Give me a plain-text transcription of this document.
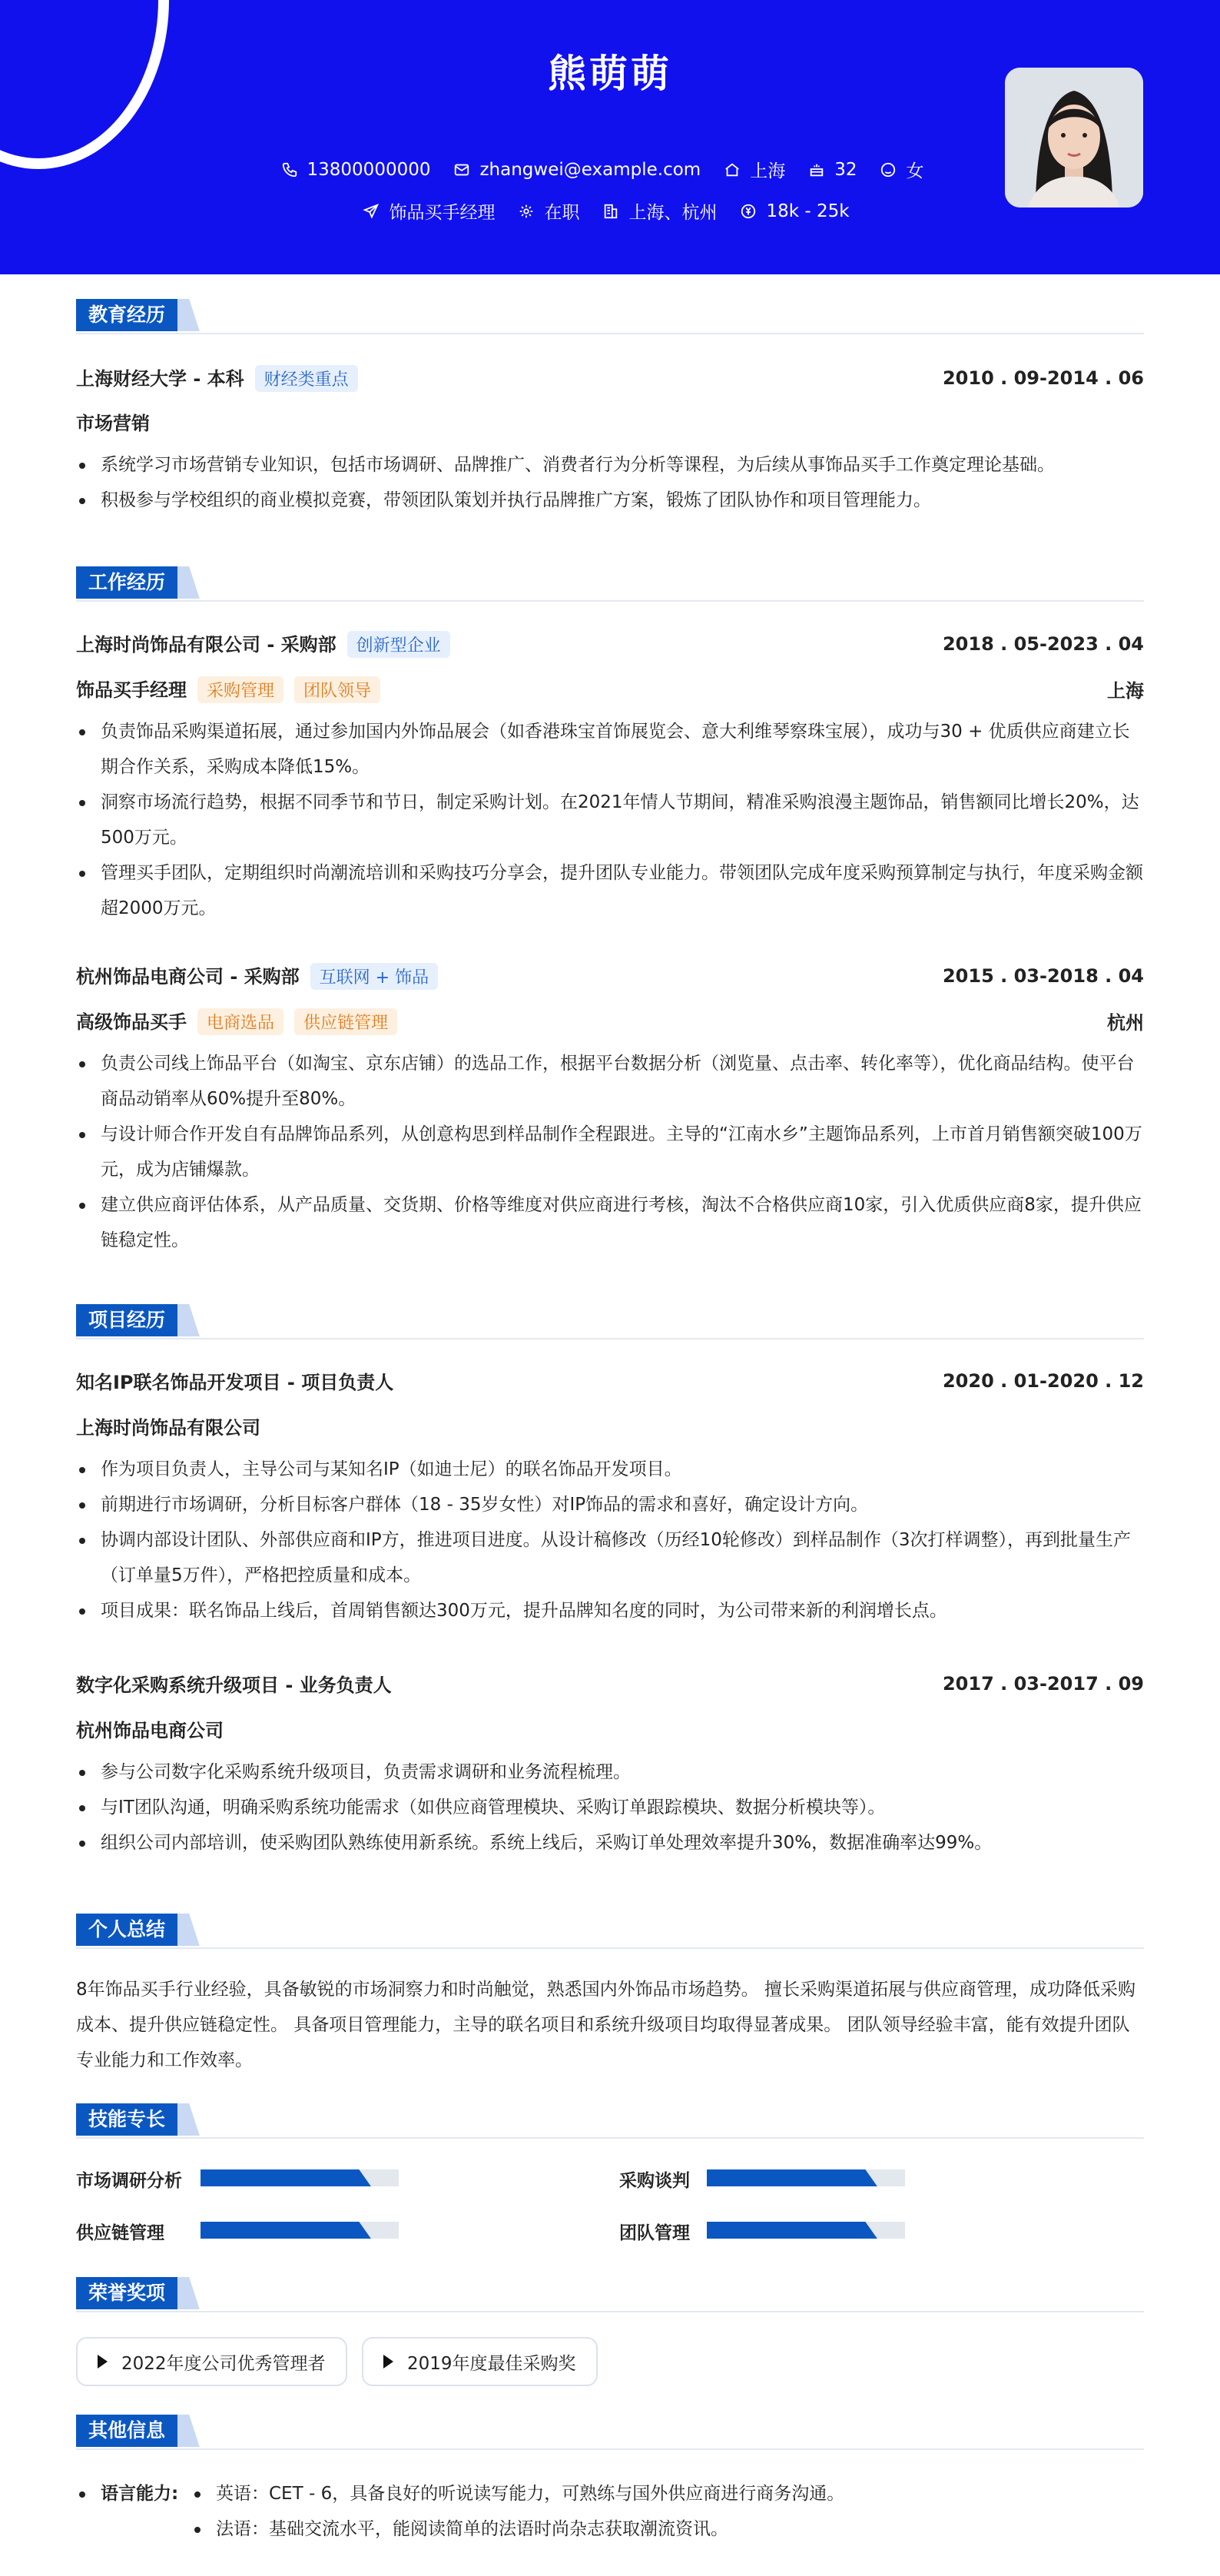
熊萌萌
13800000000	zhangwei@example.com	上海	32	女
饰品买手经理	在职	上海、杭州	18k - 25k
教育经历
上海财经大学 - 本科 财经类重点	2010 . 09-2014 . 06
市场营销
系统学习市场营销专业知识，包括市场调研、品牌推广、消费者行为分析等课程，为后续从事饰品买手工作奠定理论基础。
积极参与学校组织的商业模拟竞赛，带领团队策划并执行品牌推广方案，锻炼了团队协作和项目管理能力。
工作经历
上海时尚饰品有限公司 - 采购部 创新型企业	2018 . 05-2023 . 04
饰品买手经理 采购管理 团队领导	上海
负责饰品采购渠道拓展，通过参加国内外饰品展会（如香港珠宝首饰展览会、意大利维琴察珠宝展），成功与30 + 优质供应商建立长期合作关系，采购成本降低15%。
洞察市场流行趋势，根据不同季节和节日，制定采购计划。在2021年情人节期间，精准采购浪漫主题饰品，销售额同比增长20%，达500万元。
管理买手团队，定期组织时尚潮流培训和采购技巧分享会，提升团队专业能力。带领团队完成年度采购预算制定与执行，年度采购金额超2000万元。
杭州饰品电商公司 - 采购部 互联网 + 饰品	2015 . 03-2018 . 04
高级饰品买手 电商选品 供应链管理	杭州
负责公司线上饰品平台（如淘宝、京东店铺）的选品工作，根据平台数据分析（浏览量、点击率、转化率等），优化商品结构。使平台商品动销率从60%提升至80%。
与设计师合作开发自有品牌饰品系列，从创意构思到样品制作全程跟进。主导的“江南水乡”主题饰品系列，上市首月销售额突破100万元，成为店铺爆款。
建立供应商评估体系，从产品质量、交货期、价格等维度对供应商进行考核，淘汰不合格供应商10家，引入优质供应商8家，提升供应链稳定性。
项目经历
知名IP联名饰品开发项目 - 项目负责人	2020 . 01-2020 . 12
上海时尚饰品有限公司
作为项目负责人，主导公司与某知名IP（如迪士尼）的联名饰品开发项目。
前期进行市场调研，分析目标客户群体（18 - 35岁女性）对IP饰品的需求和喜好，确定设计方向。
协调内部设计团队、外部供应商和IP方，推进项目进度。从设计稿修改（历经10轮修改）到样品制作（3次打样调整），再到批量生产（订单量5万件），严格把控质量和成本。
项目成果：联名饰品上线后，首周销售额达300万元，提升品牌知名度的同时，为公司带来新的利润增长点。
数字化采购系统升级项目 - 业务负责人	2017 . 03-2017 . 09
杭州饰品电商公司
参与公司数字化采购系统升级项目，负责需求调研和业务流程梳理。
与IT团队沟通，明确采购系统功能需求（如供应商管理模块、采购订单跟踪模块、数据分析模块等）。
组织公司内部培训，使采购团队熟练使用新系统。系统上线后，采购订单处理效率提升30%，数据准确率达99%。
个人总结
8年饰品买手行业经验，具备敏锐的市场洞察力和时尚触觉，熟悉国内外饰品市场趋势。 擅长采购渠道拓展与供应商管理，成功降低采购成本、提升供应链稳定性。 具备项目管理能力，主导的联名项目和系统升级项目均取得显著成果。 团队领导经验丰富，能有效提升团队专业能力和工作效率。
技能专长
市场调研分析	采购谈判
供应链管理	团队管理
荣誉奖项
2022年度公司优秀管理者	2019年度最佳采购奖
其他信息
语言能力:	英语：CET - 6，具备良好的听说读写能力，可熟练与国外供应商进行商务沟通。
法语：基础交流水平，能阅读简单的法语时尚杂志获取潮流资讯。
